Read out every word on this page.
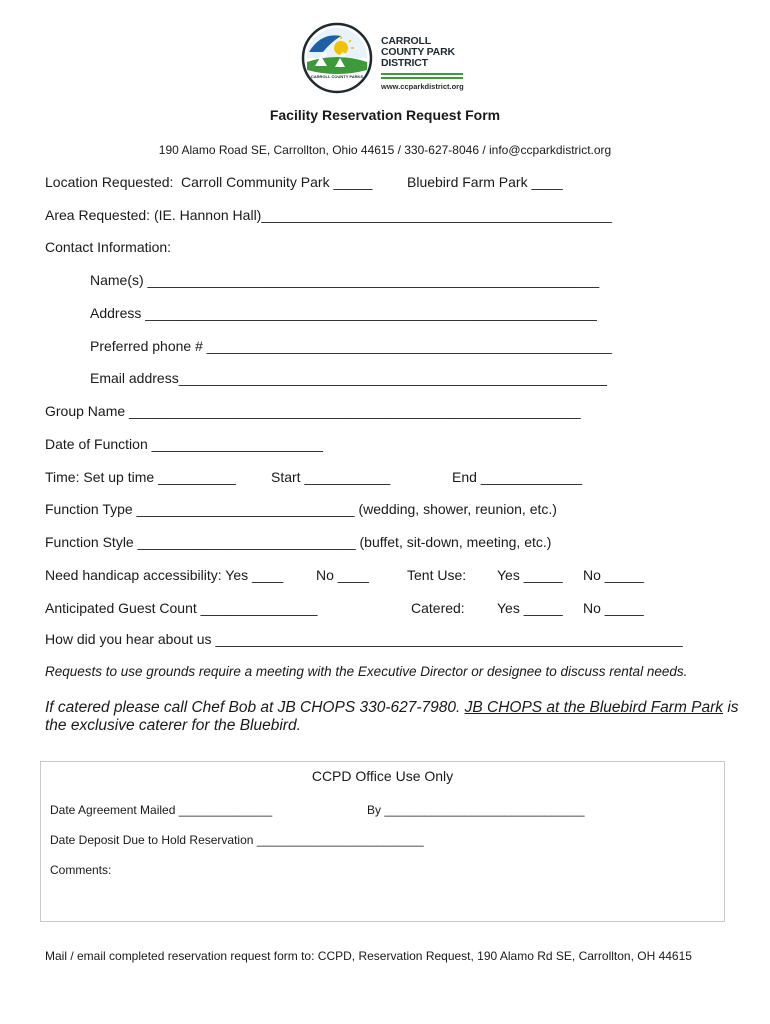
CARROLL COUNTY PARKS
CARROLL
COUNTY PARK
DISTRICT
www.ccparkdistrict.org
Facility Reservation Request Form
190 Alamo Road SE, Carrollton, Ohio 44615 / 330-627-8046 / info@ccparkdistrict.org
Location Requested: Carroll Community Park _____ Bluebird Farm Park ____
Area Requested: (IE. Hannon Hall)_____________________________________________
Contact Information:
Name(s) __________________________________________________________
Address __________________________________________________________
Preferred phone # ____________________________________________________
Email address_______________________________________________________
Group Name __________________________________________________________
Date of Function ______________________
Time: Set up time __________	Start ___________	End _____________
Function Type ____________________________ (wedding, shower, reunion, etc.)
Function Style ____________________________ (buffet, sit-down, meeting, etc.)
Need handicap accessibility: Yes ____ No ____	Tent Use: Yes _____ No _____
Anticipated Guest Count _______________	Catered: Yes _____ No _____
How did you hear about us ____________________________________________________________
Requests to use grounds require a meeting with the Executive Director or designee to discuss rental needs.
If catered please call Chef Bob at JB CHOPS 330-627-7980. JB CHOPS at the Bluebird Farm Park is
the exclusive caterer for the Bluebird.
CCPD Office Use Only
Date Agreement Mailed ______________	By ______________________________
Date Deposit Due to Hold Reservation _________________________
Comments:
Mail / email completed reservation request form to: CCPD, Reservation Request, 190 Alamo Rd SE, Carrollton, OH 44615
